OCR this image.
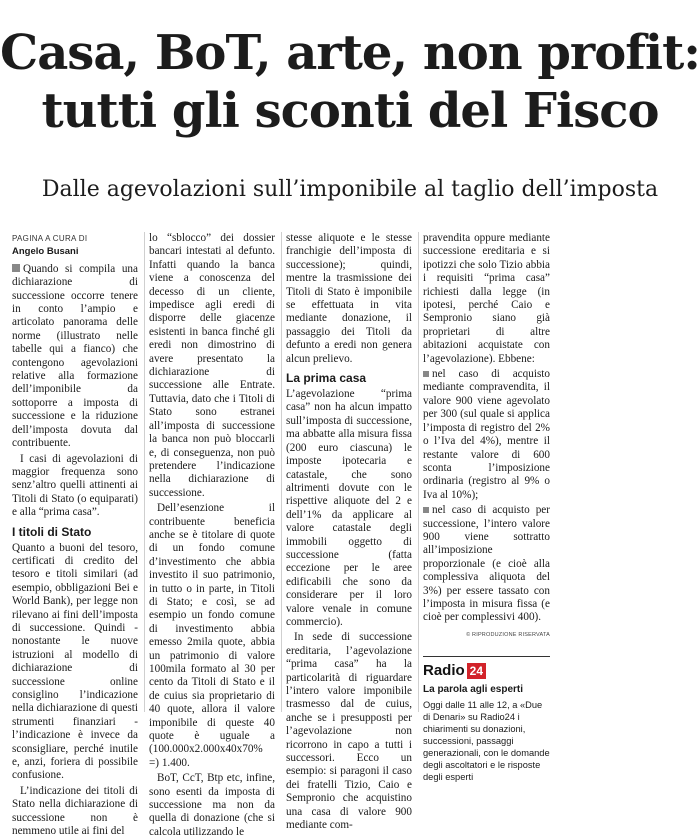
Casa, BoT, arte, non profit:
tutti gli sconti del Fisco
Dalle agevolazioni sull’imponibile al taglio dell’imposta
PAGINA A CURA DI
Angelo Busani

Quando si compila una dichiarazione di successione occorre tenere in conto l’ampio e articolato panorama delle norme (illustrato nelle tabelle qui a fianco) che contengono agevolazioni relative alla formazione dell’imponibile da sottoporre a imposta di successione e la riduzione dell’imposta dovuta dal contribuente.

I casi di agevolazioni di maggior frequenza sono senz’altro quelli attinenti ai Titoli di Stato (o equiparati) e alla “prima casa”.

I titoli di Stato

Quanto a buoni del tesoro, certificati di credito del tesoro e titoli similari (ad esempio, obbligazioni Bei e World Bank), per legge non rilevano ai fini dell’imposta di successione. Quindi - nonostante le nuove istruzioni al modello di dichiarazione di successione online consiglino l’indicazione nella dichiarazione di questi strumenti finanziari - l’indicazione è invece da sconsigliare, perché inutile e, anzi, foriera di possibile confusione.

L’indicazione dei titoli di Stato nella dichiarazione di successione non è nemmeno utile ai fini del

lo “sblocco” dei dossier bancari intestati al defunto. Infatti quando la banca viene a conoscenza del decesso di un cliente, impedisce agli eredi di disporre delle giacenze esistenti in banca finché gli eredi non dimostrino di avere presentato la dichiarazione di successione alle Entrate. Tuttavia, dato che i Titoli di Stato sono estranei all’imposta di successione la banca non può bloccarli e, di conseguenza, non può pretendere l’indicazione nella dichiarazione di successione.

Dell’esenzione il contribuente beneficia anche se è titolare di quote di un fondo comune d’investimento che abbia investito il suo patrimonio, in tutto o in parte, in Titoli di Stato; e così, se ad esempio un fondo comune di investimento abbia emesso 2mila quote, abbia un patrimonio di valore 100mila formato al 30 per cento da Titoli di Stato e il de cuius sia proprietario di 40 quote, allora il valore imponibile di queste 40 quote è uguale a (100.000x2.000x40x70% =) 1.400.

BoT, CcT, Btp etc, infine, sono esenti da imposta di successione ma non da quella di donazione (che si calcola utilizzando le

stesse aliquote e le stesse franchigie dell’imposta di successione); quindi, mentre la trasmissione dei Titoli di Stato è imponibile se effettuata in vita mediante donazione, il passaggio dei Titoli da defunto a eredi non genera alcun prelievo.

La prima casa

L’agevolazione “prima casa” non ha alcun impatto sull’imposta di successione, ma abbatte alla misura fissa (200 euro ciascuna) le imposte ipotecaria e catastale, che sono altrimenti dovute con le rispettive aliquote del 2 e dell’1% da applicare al valore catastale degli immobili oggetto di successione (fatta eccezione per le aree edificabili che sono da considerare per il loro valore venale in comune commercio).

In sede di successione ereditaria, l’agevolazione “prima casa” ha la particolarità di riguardare l’intero valore imponibile trasmesso dal de cuius, anche se i presupposti per l’agevolazione non ricorrono in capo a tutti i successori. Ecco un esempio: si paragoni il caso dei fratelli Tizio, Caio e Sempronio che acquistino una casa di valore 900 mediante com-

pravendita oppure mediante successione ereditaria e si ipotizzi che solo Tizio abbia i requisiti “prima casa” richiesti dalla legge (in ipotesi, perché Caio e Sempronio siano già proprietari di altre abitazioni acquistate con l’agevolazione). Ebbene:

nel caso di acquisto mediante compravendita, il valore 900 viene agevolato per 300 (sul quale si applica l’imposta di registro del 2% o l’Iva del 4%), mentre il restante valore di 600 sconta l’imposizione ordinaria (registro al 9% o Iva al 10%);

nel caso di acquisto per successione, l’intero valore 900 viene sottratto all’imposizione proporzionale (e cioè alla complessiva aliquota del 3%) per essere tassato con l’imposta in misura fissa (e cioè per complessivi 400).

© RIPRODUZIONE RISERVATA
Radio 24
La parola agli esperti
Oggi dalle 11 alle 12, a «Due di Denari» su Radio24 i chiarimenti su donazioni, successioni, passaggi generazionali, con le domande degli ascoltatori e le risposte degli esperti
